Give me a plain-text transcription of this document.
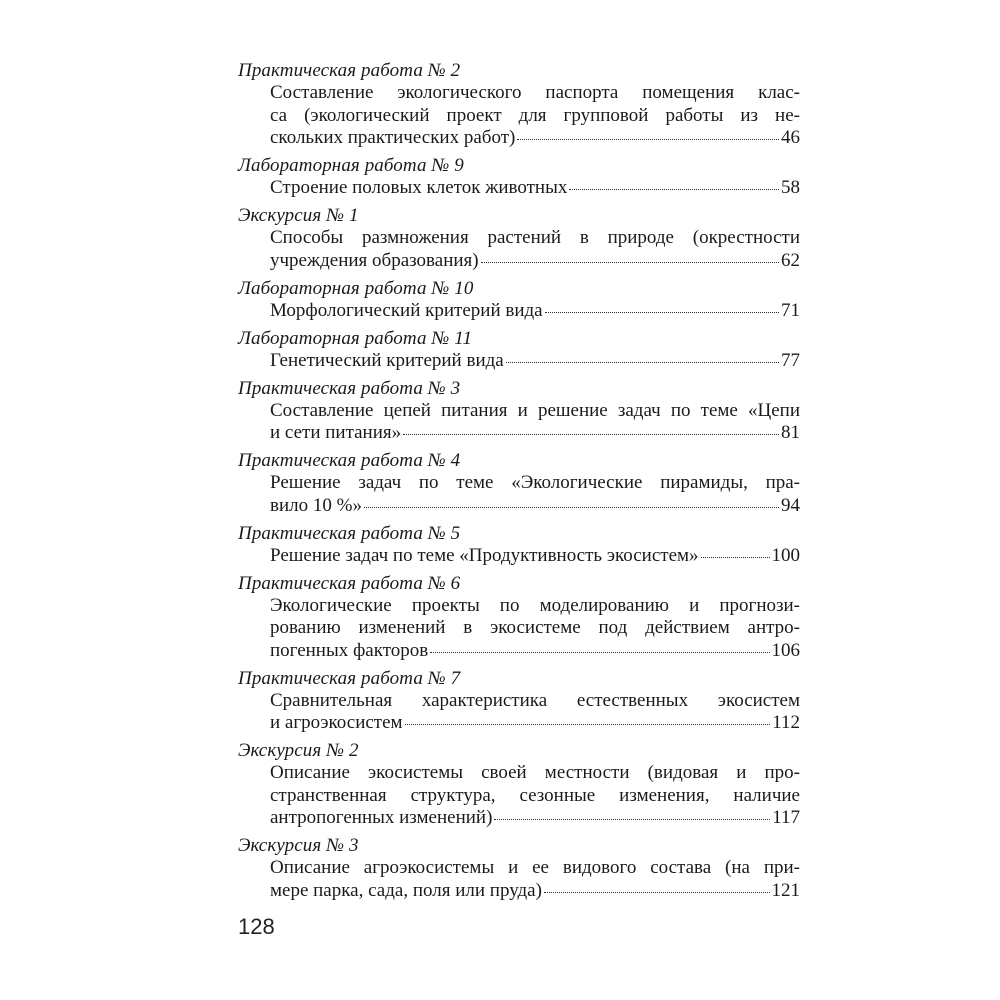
Практическая работа № 2
Составление экологического паспорта помещения клас-
са (экологический проект для групповой работы из не-
скольких практических работ)	46
Лабораторная работа № 9
Строение половых клеток животных	58
Экскурсия № 1
Способы размножения растений в природе (окрестности
учреждения образования)	62
Лабораторная работа № 10
Морфологический критерий вида	71
Лабораторная работа № 11
Генетический критерий вида	77
Практическая работа № 3
Составление цепей питания и решение задач по теме «Цепи
и сети питания»	81
Практическая работа № 4
Решение задач по теме «Экологические пирамиды, пра-
вило 10 %»	94
Практическая работа № 5
Решение задач по теме «Продуктивность экосистем»	100
Практическая работа № 6
Экологические проекты по моделированию и прогнози-
рованию изменений в экосистеме под действием антро-
погенных факторов	106
Практическая работа № 7
Сравнительная характеристика естественных экосистем
и агроэкосистем	112
Экскурсия № 2
Описание экосистемы своей местности (видовая и про-
странственная структура, сезонные изменения, наличие
антропогенных изменений)	117
Экскурсия № 3
Описание агроэкосистемы и ее видового состава (на при-
мере парка, сада, поля или пруда)	121
128
